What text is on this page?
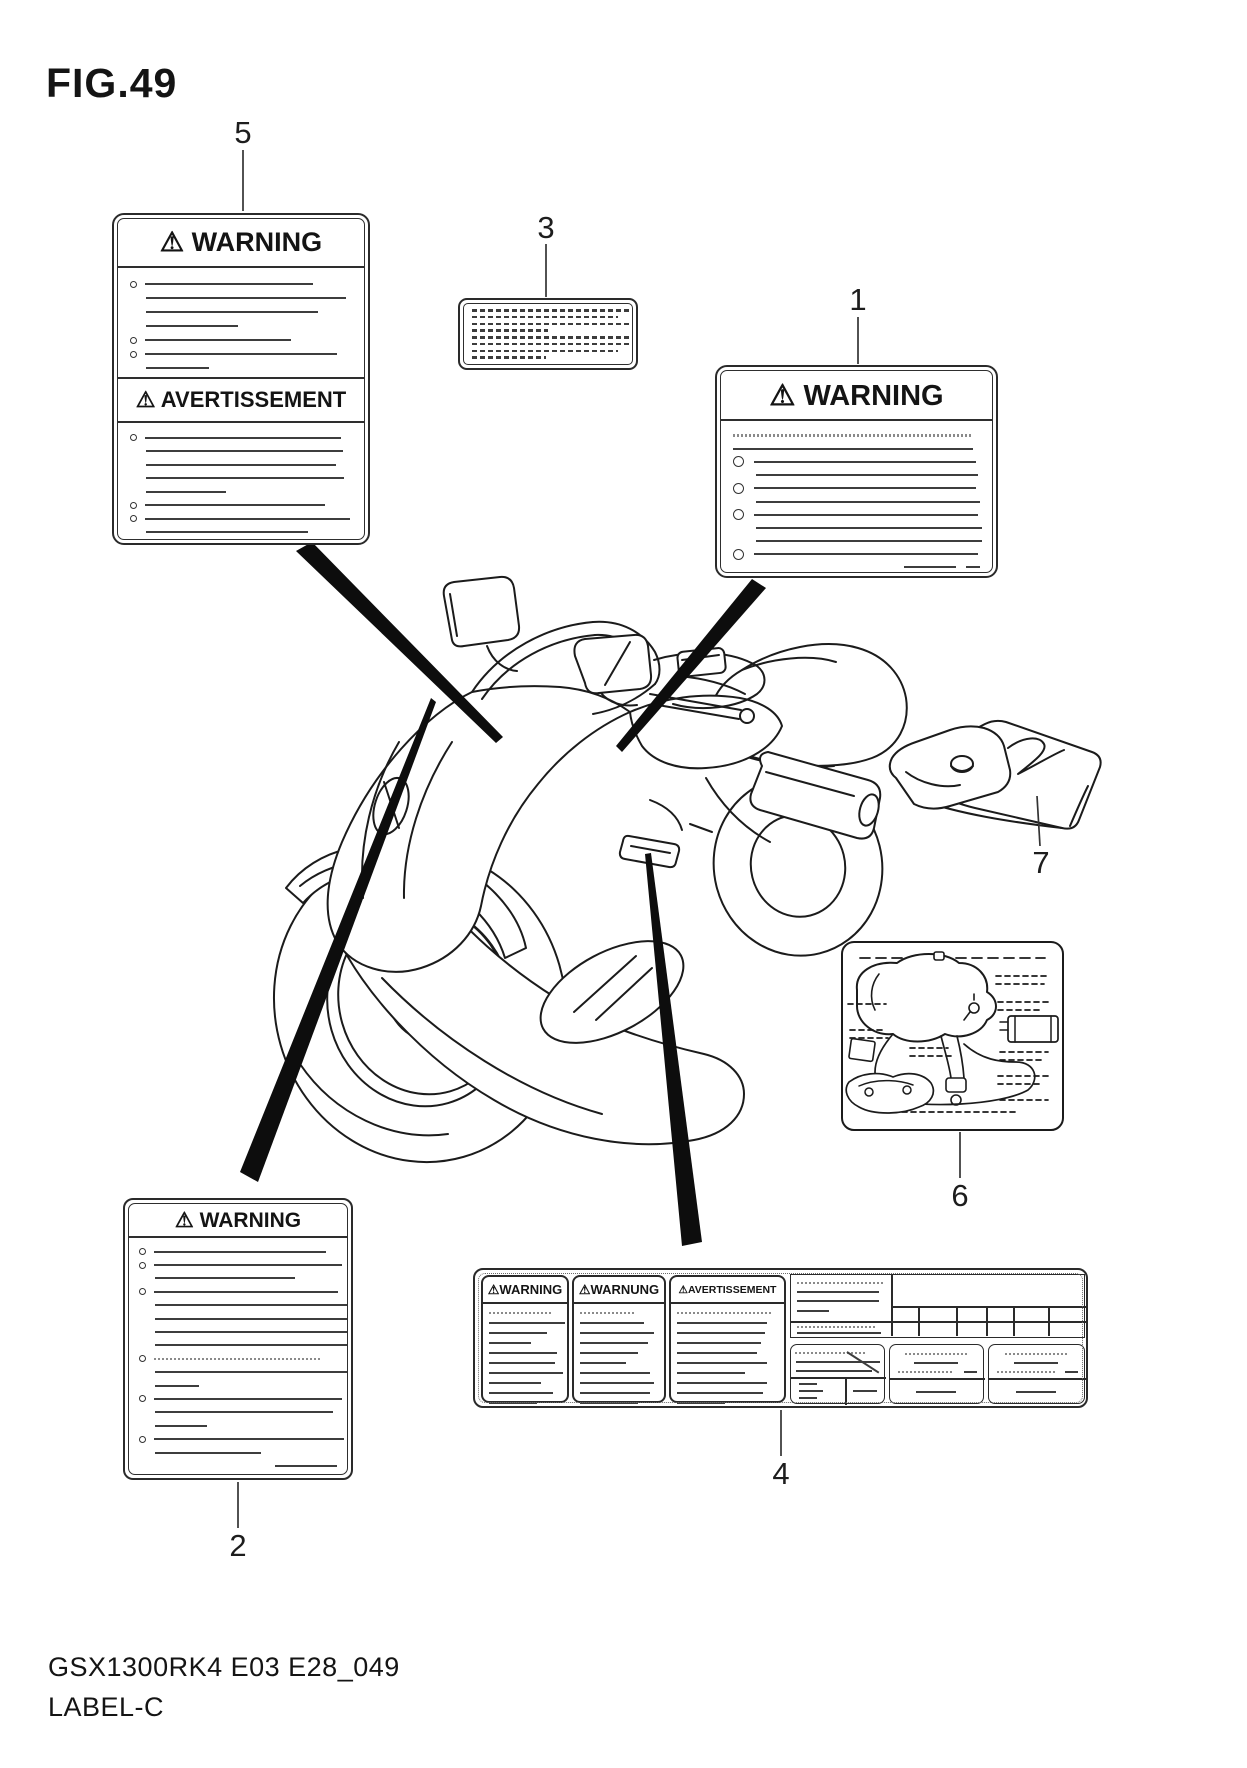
FIG.49
⚠ WARNING
⚠ AVERTISSEMENT	⚠ WARNING
⚠ WARNING
⚠WARNING	⚠WARNUNG	⚠AVERTISSEMENT
1
2
3
4
5
6
7
GSX1300RK4 E03 E28_049
LABEL-C
